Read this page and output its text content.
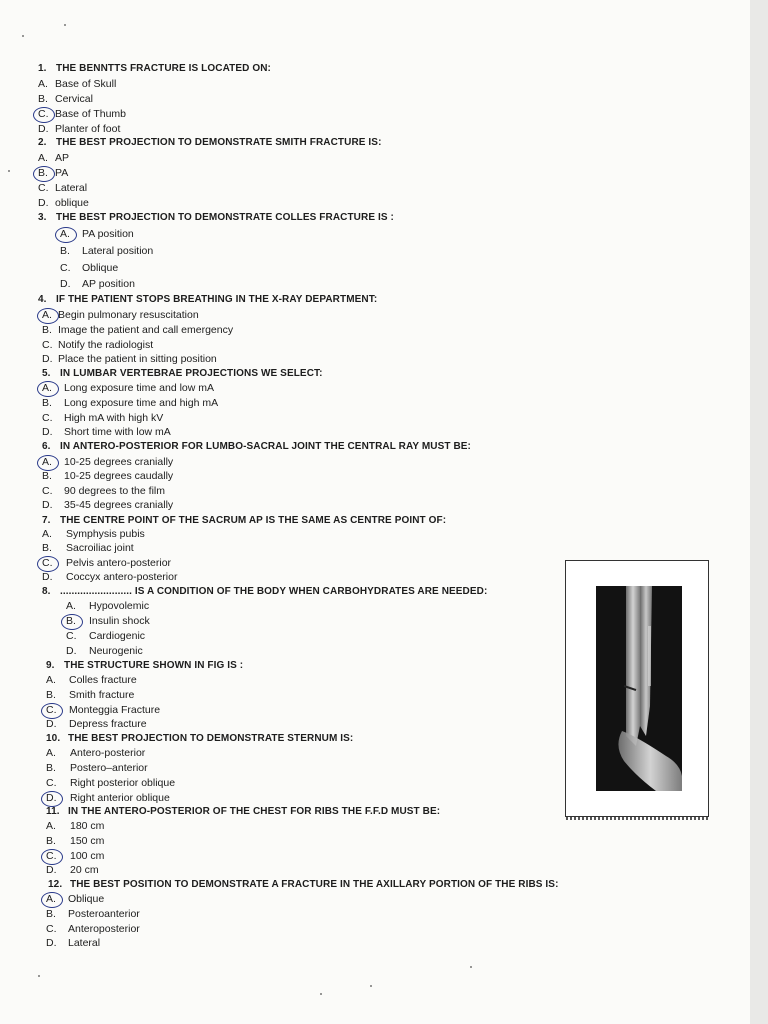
1. THE BENNTTS FRACTURE IS LOCATED ON:
A. Base of Skull
B. Cervical
C. Base of Thumb
D. Planter of foot
2. THE BEST PROJECTION TO DEMONSTRATE SMITH FRACTURE IS:
A. AP
B. PA
C. Lateral
D. oblique
3. THE BEST PROJECTION TO DEMONSTRATE COLLES FRACTURE IS :
A. PA position
B. Lateral position
C. Oblique
D. AP position
4. IF THE PATIENT STOPS BREATHING IN THE X-RAY DEPARTMENT:
A. Begin pulmonary resuscitation
B. Image the patient and call emergency
C. Notify the radiologist
D. Place the patient in sitting position
5. IN LUMBAR VERTEBRAE PROJECTIONS WE SELECT:
A. Long exposure time and low mA
B. Long exposure time and high mA
C. High mA with high kV
D. Short time with low mA
6. IN ANTERO-POSTERIOR FOR LUMBO-SACRAL JOINT THE CENTRAL RAY MUST BE:
A. 10-25 degrees cranially
B. 10-25 degrees caudally
C. 90 degrees to the film
D. 35-45 degrees cranially
7. THE CENTRE POINT OF THE SACRUM AP IS THE SAME AS CENTRE POINT OF:
A. Symphysis pubis
B. Sacroiliac joint
C. Pelvis antero-posterior
D. Coccyx antero-posterior
8. ......................... IS A CONDITION OF THE BODY WHEN CARBOHYDRATES ARE NEEDED:
A. Hypovolemic
B. Insulin shock
C. Cardiogenic
D. Neurogenic
9. THE STRUCTURE SHOWN IN FIG IS :
A. Colles fracture
B. Smith fracture
C. Monteggia Fracture
D. Depress fracture
10. THE BEST PROJECTION TO DEMONSTRATE STERNUM IS:
A. Antero-posterior
B. Postero–anterior
C. Right posterior oblique
D. Right anterior oblique
11. IN THE ANTERO-POSTERIOR OF THE CHEST FOR RIBS THE F.F.D MUST BE:
A. 180 cm
B. 150 cm
C. 100 cm
D. 20 cm
12. THE BEST POSITION TO DEMONSTRATE A FRACTURE IN THE AXILLARY PORTION OF THE RIBS IS:
A. Oblique
B. Posteroanterior
C. Anteroposterior
D. Lateral
